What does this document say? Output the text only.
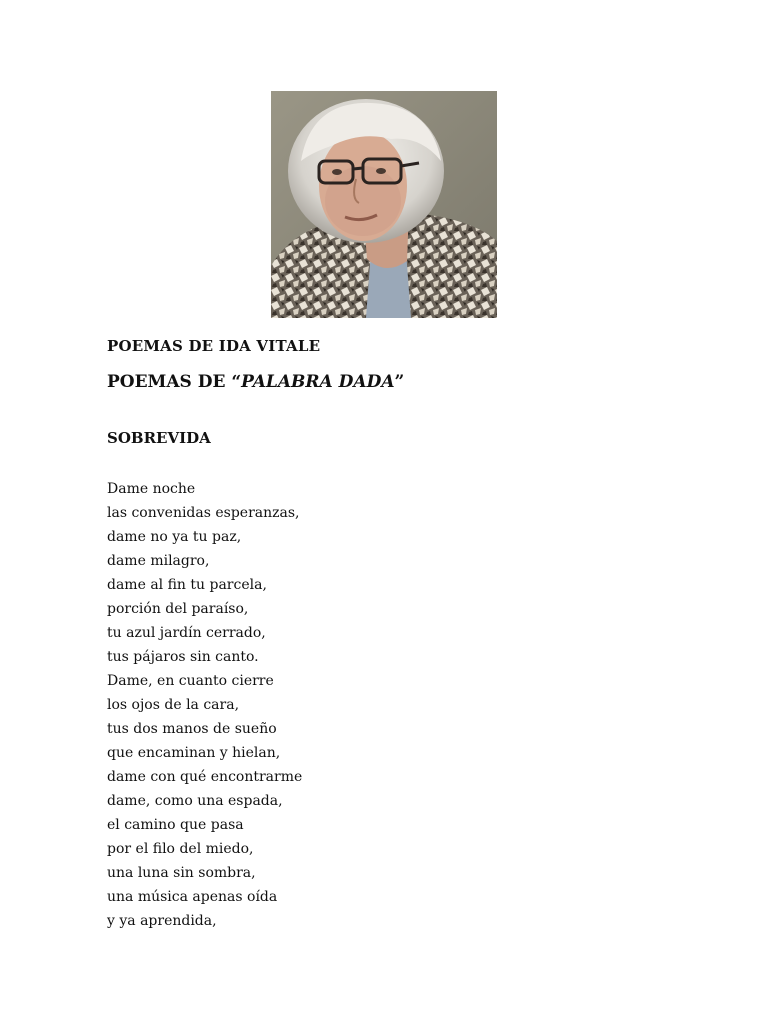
POEMAS DE IDA VITALE
POEMAS DE “PALABRA DADA”
SOBREVIDA
Dame noche
las convenidas esperanzas,
dame no ya tu paz,
dame milagro,
dame al fin tu parcela,
porción del paraíso,
tu azul jardín cerrado,
tus pájaros sin canto.
Dame, en cuanto cierre
los ojos de la cara,
tus dos manos de sueño
que encaminan y hielan,
dame con qué encontrarme
dame, como una espada,
el camino que pasa
por el filo del miedo,
una luna sin sombra,
una música apenas oída
y ya aprendida,
